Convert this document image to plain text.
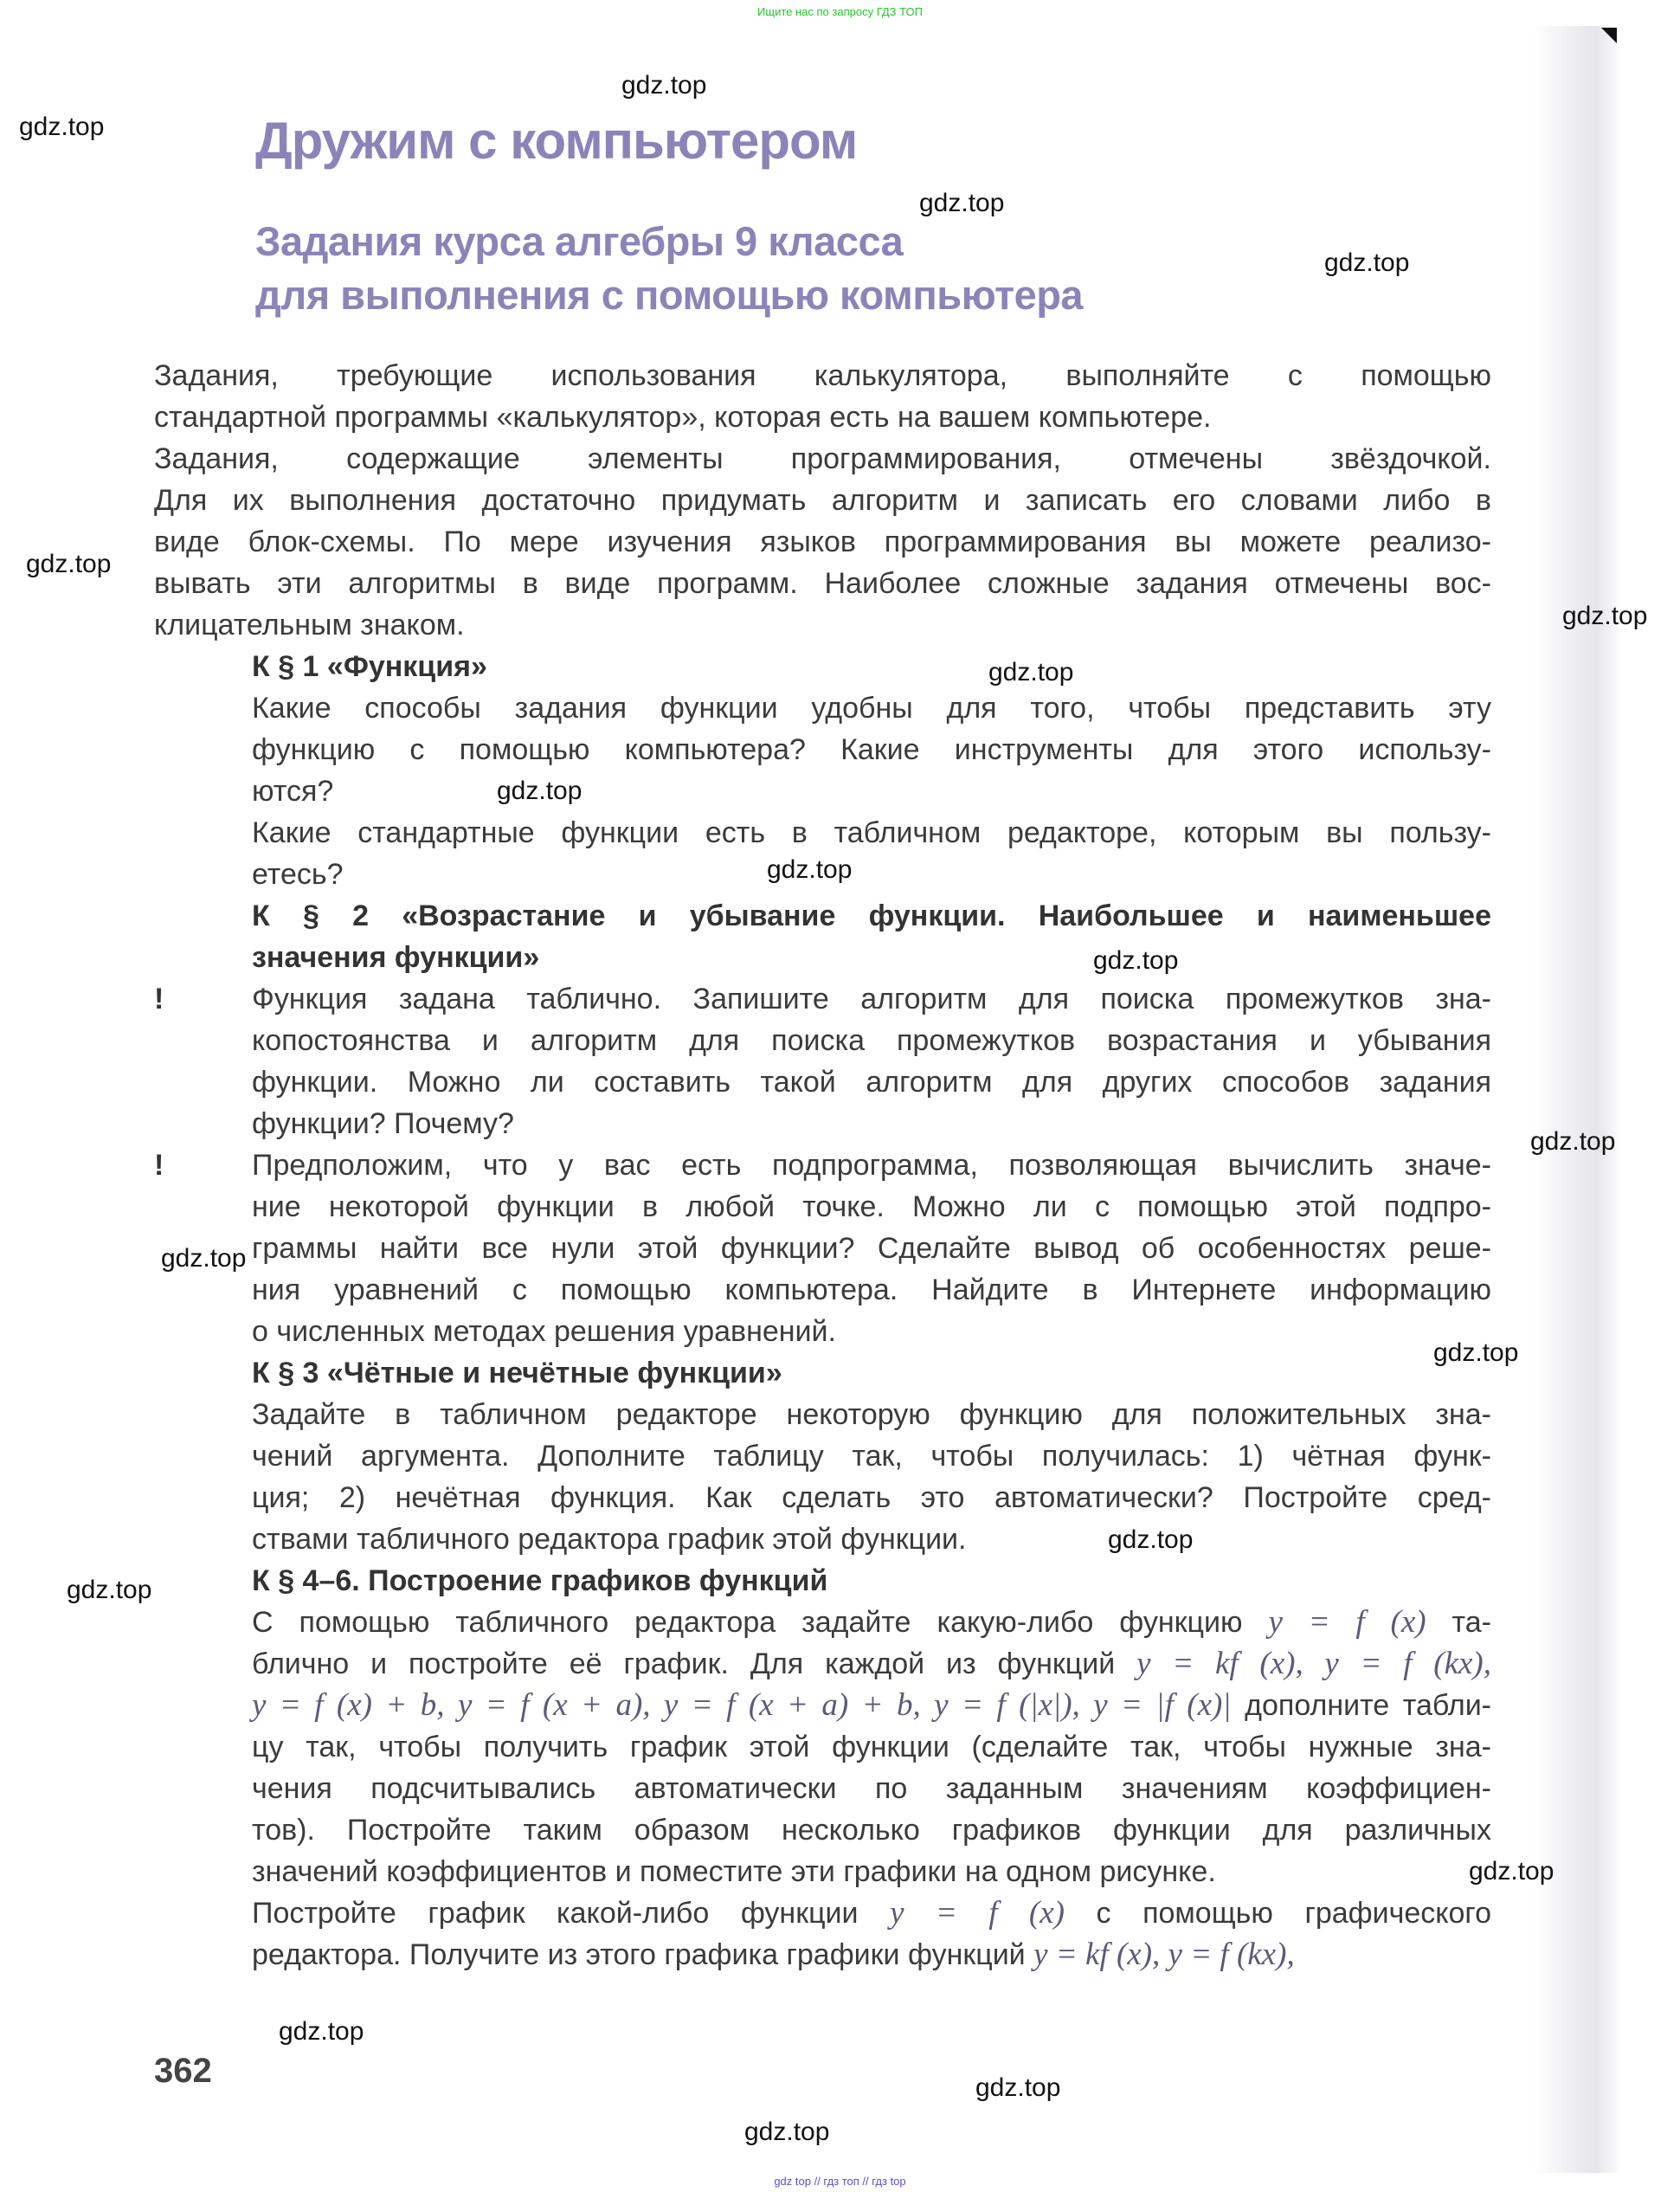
Ищите нас по запросу ГДЗ ТОП
Дружим с компьютером
Задания курса алгебры 9 класса
для выполнения с помощью компьютера
Задания, требующие использования калькулятора, выполняйте с помощью
стандартной программы «калькулятор», которая есть на вашем компьютере.
Задания, содержащие элементы программирования, отмечены звёздочкой.
Для их выполнения достаточно придумать алгоритм и записать его словами либо в
виде блок-схемы. По мере изучения языков программирования вы можете реализо-
вывать эти алгоритмы в виде программ. Наиболее сложные задания отмечены вос-
клицательным знаком.
К § 1 «Функция»
Какие способы задания функции удобны для того, чтобы представить эту
функцию с помощью компьютера? Какие инструменты для этого использу-
ются?
Какие стандартные функции есть в табличном редакторе, которым вы пользу-
етесь?
К § 2 «Возрастание и убывание функции. Наибольшее и наименьшее
значения функции»
!	Функция задана таблично. Запишите алгоритм для поиска промежутков зна-
копостоянства и алгоритм для поиска промежутков возрастания и убывания
функции. Можно ли составить такой алгоритм для других способов задания
функции? Почему?
!	Предположим, что у вас есть подпрограмма, позволяющая вычислить значе-
ние некоторой функции в любой точке. Можно ли с помощью этой подпро-
граммы найти все нули этой функции? Сделайте вывод об особенностях реше-
ния уравнений с помощью компьютера. Найдите в Интернете информацию
о численных методах решения уравнений.
К § 3 «Чётные и нечётные функции»
Задайте в табличном редакторе некоторую функцию для положительных зна-
чений аргумента. Дополните таблицу так, чтобы получилась: 1) чётная функ-
ция; 2) нечётная функция. Как сделать это автоматически? Постройте сред-
ствами табличного редактора график этой функции.
К § 4–6. Построение графиков функций
С помощью табличного редактора задайте какую-либо функцию y = f (x) та-
блично и постройте её график. Для каждой из функций y = kf (x), y = f (kx),
y = f (x) + b, y = f (x + a), y = f (x + a) + b, y = f (|x|), y = |f (x)| дополните табли-
цу так, чтобы получить график этой функции (сделайте так, чтобы нужные зна-
чения подсчитывались автоматически по заданным значениям коэффициен-
тов). Постройте таким образом несколько графиков функции для различных
значений коэффициентов и поместите эти графики на одном рисунке.
Постройте график какой-либо функции y = f (x) с помощью графического
редактора. Получите из этого графика графики функций y = kf (x), y = f (kx),
362
gdz.top
gdz.top
gdz.top
gdz.top
gdz.top
gdz.top
gdz.top
gdz.top
gdz.top
gdz.top
gdz.top
gdz.top
gdz.top
gdz.top
gdz.top
gdz.top
gdz.top
gdz.top
gdz.top
gdz top // гдз топ // гдз top
